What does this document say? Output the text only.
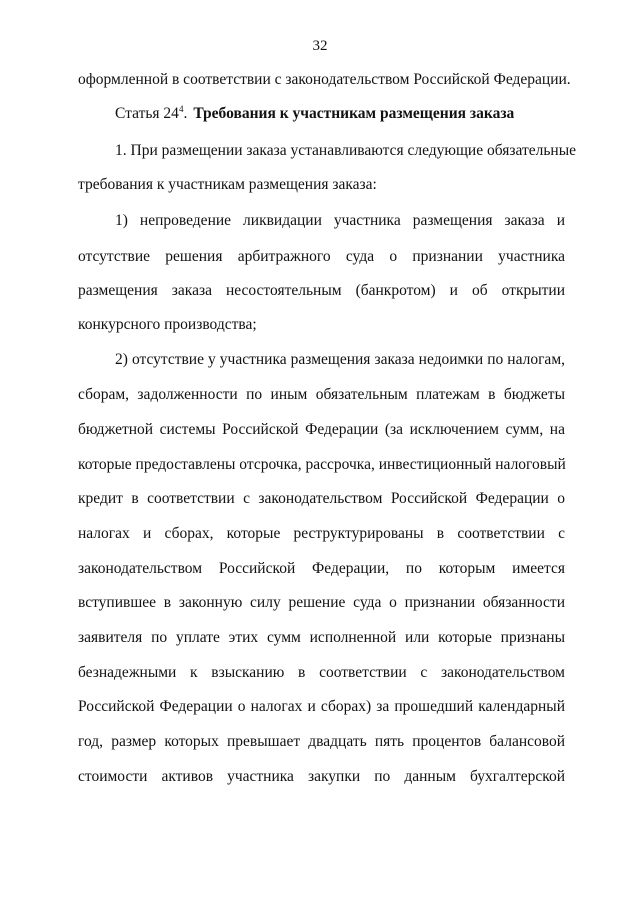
32
оформленной в соответствии с законодательством Российской Федерации.
Статья $24^4$. Требования к участникам размещения заказа
1. При размещении заказа устанавливаются следующие обязательные
требования к участникам размещения заказа:
1) непроведение ликвидации участника размещения заказа и
отсутствие решения арбитражного суда о признании участника
размещения заказа несостоятельным (банкротом) и об открытии
конкурсного производства;
2) отсутствие у участника размещения заказа недоимки по налогам,
сборам, задолженности по иным обязательным платежам в бюджеты
бюджетной системы Российской Федерации (за исключением сумм, на
которые предоставлены отсрочка, рассрочка, инвестиционный налоговый
кредит в соответствии с законодательством Российской Федерации о
налогах и сборах, которые реструктурированы в соответствии с
законодательством Российской Федерации, по которым имеется
вступившее в законную силу решение суда о признании обязанности
заявителя по уплате этих сумм исполненной или которые признаны
безнадежными к взысканию в соответствии с законодательством
Российской Федерации о налогах и сборах) за прошедший календарный
год, размер которых превышает двадцать пять процентов балансовой
стоимости активов участника закупки по данным бухгалтерской
